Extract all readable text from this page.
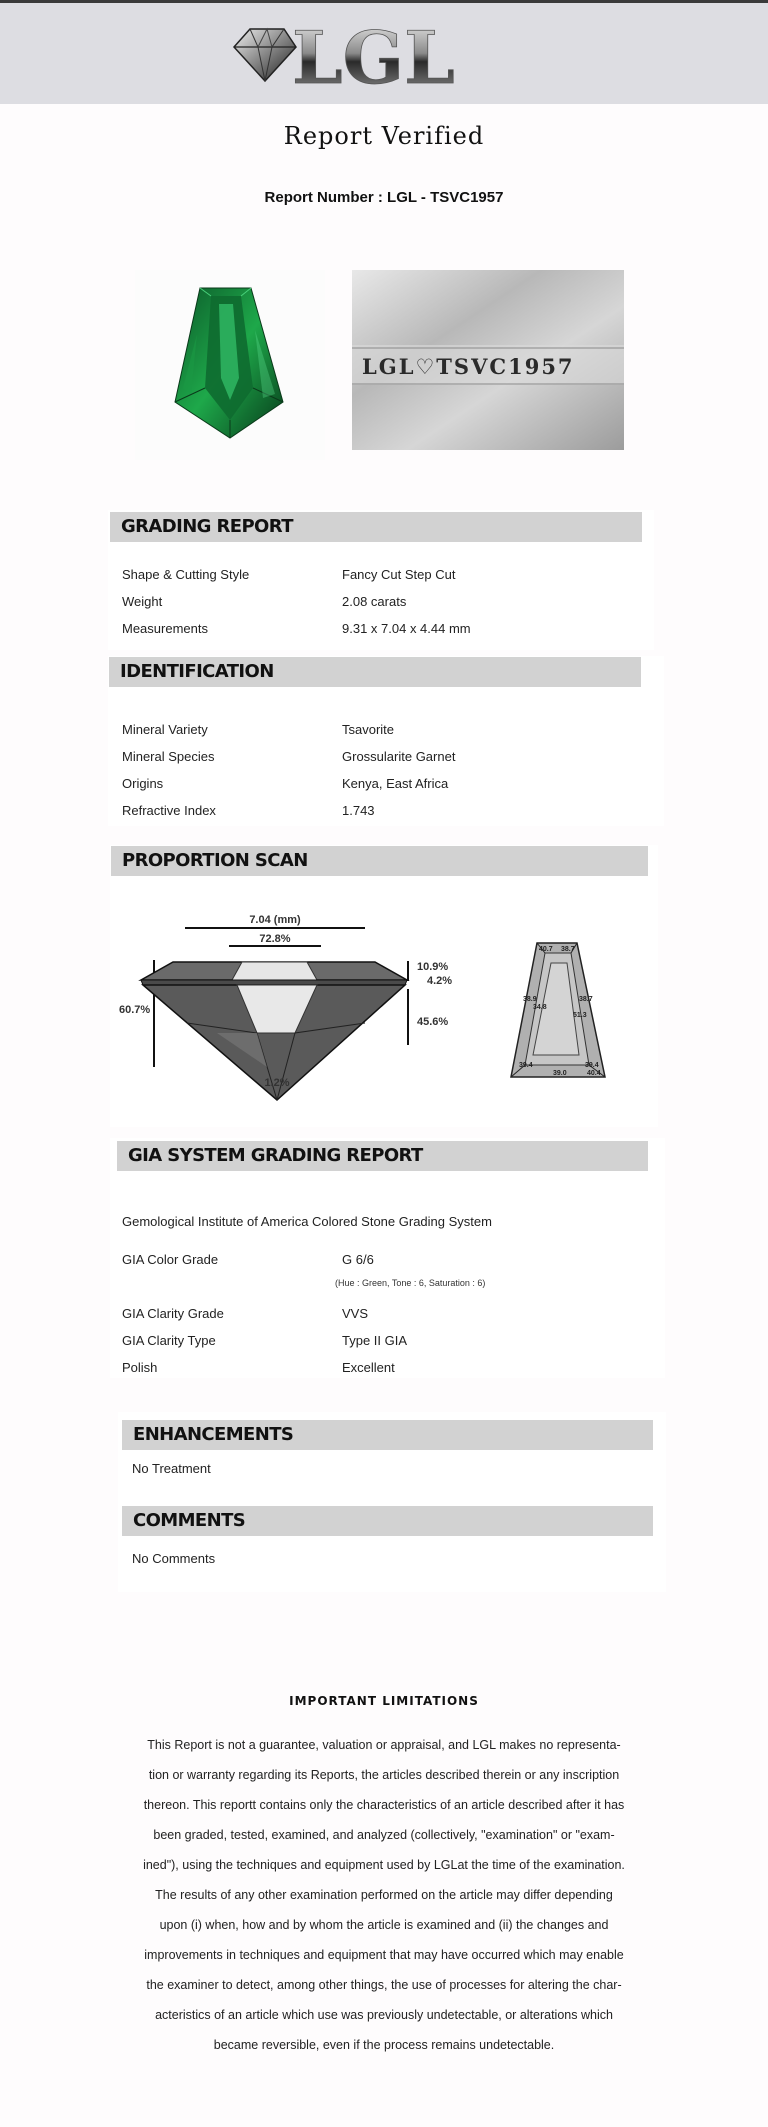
LGL
Report Verified
Report Number : LGL - TSVC1957
LGL♡TSVC1957
GRADING REPORT
Shape & Cutting Style	Fancy Cut Step Cut
Weight	2.08 carats
Measurements	9.31 x 7.04 x 4.44 mm
IDENTIFICATION
Mineral Variety	Tsavorite
Mineral Species	Grossularite Garnet
Origins	Kenya, East Africa
Refractive Index	1.743
PROPORTION SCAN
7.04 (mm)
72.8%
60.7%
10.9%
4.2%
45.6%
1.2%
40.7 38.7
38.9
34.8
38.7
51.3
39.4
39.0
39.4
40.4
GIA SYSTEM GRADING REPORT
Gemological Institute of America Colored Stone Grading System
GIA Color Grade	G 6/6
(Hue : Green, Tone : 6, Saturation : 6)
GIA Clarity Grade	VVS
GIA Clarity Type	Type II GIA
Polish	Excellent
ENHANCEMENTS
No Treatment
COMMENTS
No Comments
IMPORTANT LIMITATIONS
This Report is not a guarantee, valuation or appraisal, and LGL makes no representa-
tion or warranty regarding its Reports, the articles described therein or any inscription
thereon. This reportt contains only the characteristics of an article described after it has
been graded, tested, examined, and analyzed (collectively, "examination" or "exam-
ined"), using the techniques and equipment used by LGLat the time of the examination.
The results of any other examination performed on the article may differ depending
upon (i) when, how and by whom the article is examined and (ii) the changes and
improvements in techniques and equipment that may have occurred which may enable
the examiner to detect, among other things, the use of processes for altering the char-
acteristics of an article which use was previously undetectable, or alterations which
became reversible, even if the process remains undetectable.
